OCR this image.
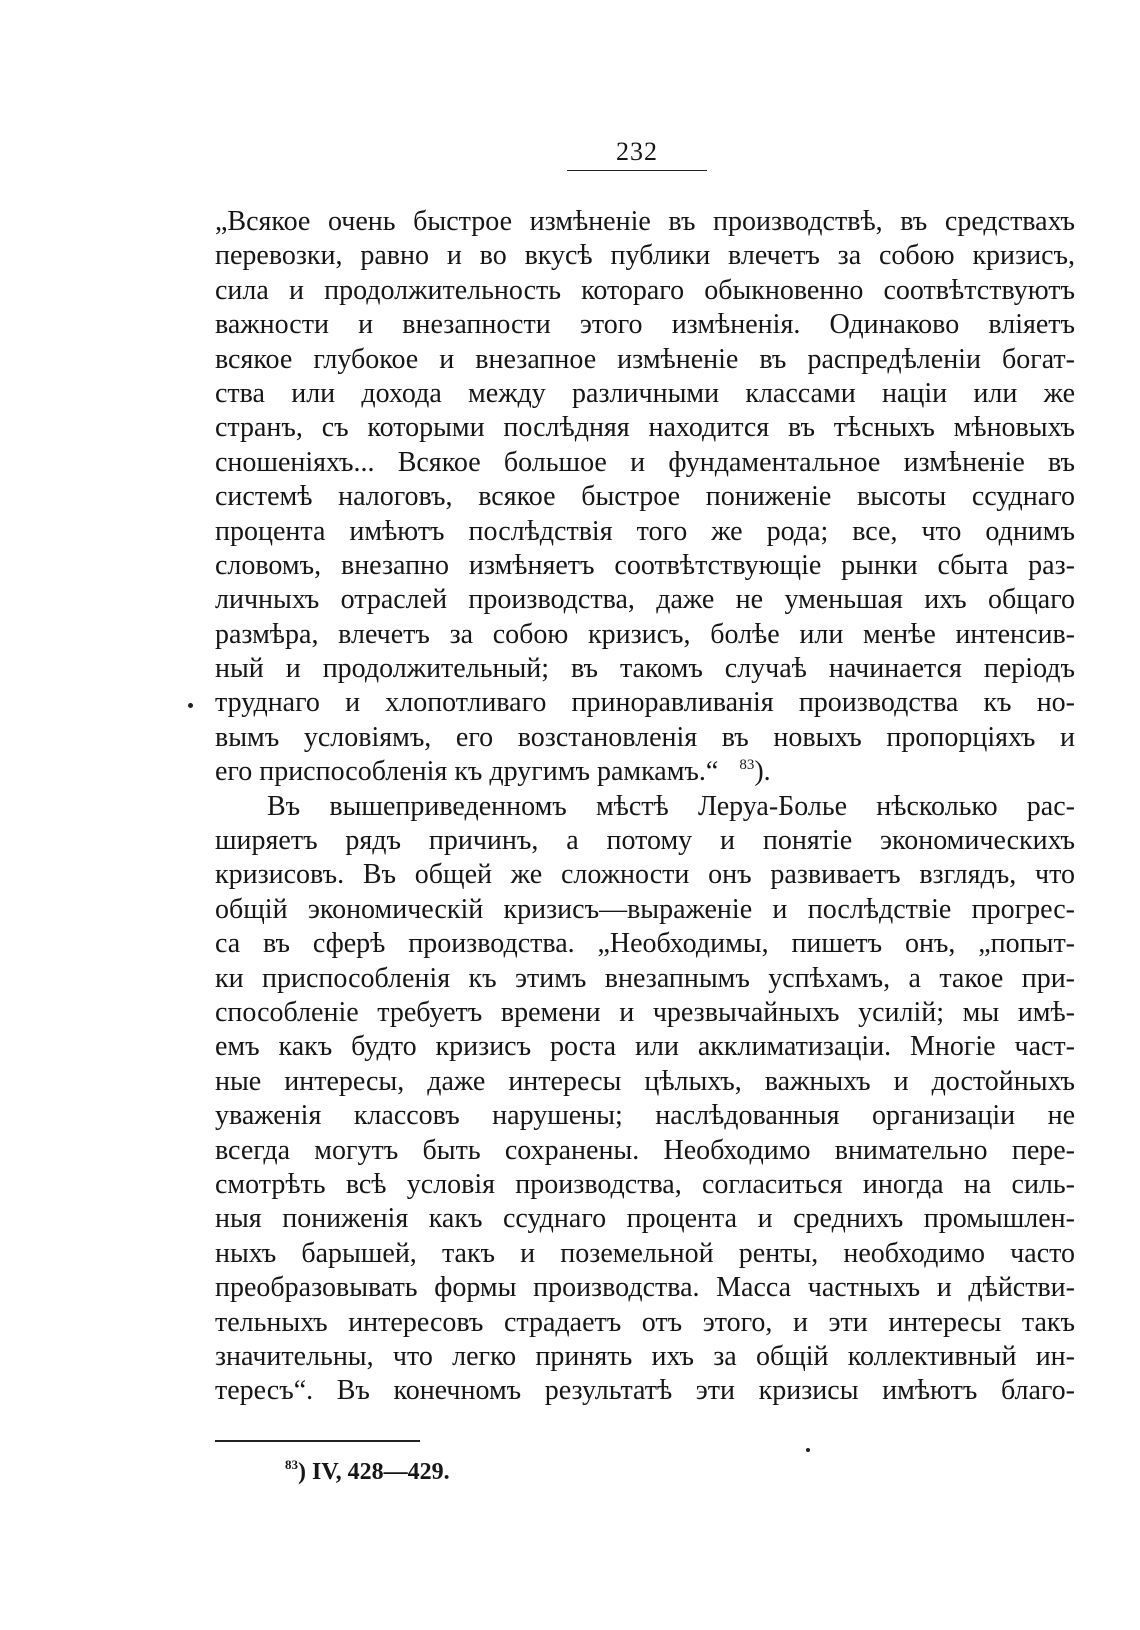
232
„Всякое очень быстрое измѣненіе въ производствѣ, въ средствахъ
перевозки, равно и во вкусѣ публики влечетъ за собою кризисъ,
сила и продолжительность котораго обыкновенно соотвѣтствуютъ
важности и внезапности этого измѣненія. Одинаково вліяетъ
всякое глубокое и внезапное измѣненіе въ распредѣленіи богат-
ства или дохода между различными классами націи или же
странъ, съ которыми послѣдняя находится въ тѣсныхъ мѣновыхъ
сношеніяхъ... Всякое большое и фундаментальное измѣненіе въ
системѣ налоговъ, всякое быстрое пониженіе высоты ссуднаго
процента имѣютъ послѣдствія того же рода; все, что однимъ
словомъ, внезапно измѣняетъ соотвѣтствующіе рынки сбыта раз-
личныхъ отраслей производства, даже не уменьшая ихъ общаго
размѣра, влечетъ за собою кризисъ, болѣе или менѣе интенсив-
ный и продолжительный; въ такомъ случаѣ начинается періодъ
труднаго и хлопотливаго приноравливанія производства къ но-
вымъ условіямъ, его возстановленія въ новыхъ пропорціяхъ и
его приспособленія къ другимъ рамкамъ.“ $^{83}$).
Въ вышеприведенномъ мѣстѣ Леруа-Болье нѣсколько рас-
ширяетъ рядъ причинъ, а потому и понятіе экономическихъ
кризисовъ. Въ общей же сложности онъ развиваетъ взглядъ, что
общій экономическій кризисъ—выраженіе и послѣдствіе прогрес-
са въ сферѣ производства. „Необходимы, пишетъ онъ, „попыт-
ки приспособленія къ этимъ внезапнымъ успѣхамъ, а такое при-
способленіе требуетъ времени и чрезвычайныхъ усилій; мы имѣ-
емъ какъ будто кризисъ роста или акклиматизаціи. Многіе част-
ные интересы, даже интересы цѣлыхъ, важныхъ и достойныхъ
уваженія классовъ нарушены; наслѣдованныя организаціи не
всегда могутъ быть сохранены. Необходимо внимательно пере-
смотрѣть всѣ условія производства, согласиться иногда на силь-
ныя пониженія какъ ссуднаго процента и среднихъ промышлен-
ныхъ барышей, такъ и поземельной ренты, необходимо часто
преобразовывать формы производства. Масса частныхъ и дѣйстви-
тельныхъ интересовъ страдаетъ отъ этого, и эти интересы такъ
значительны, что легко принять ихъ за общій коллективный ин-
тересъ“. Въ конечномъ результатѣ эти кризисы имѣютъ благо-
$^{83}$) IV, 428—429.
